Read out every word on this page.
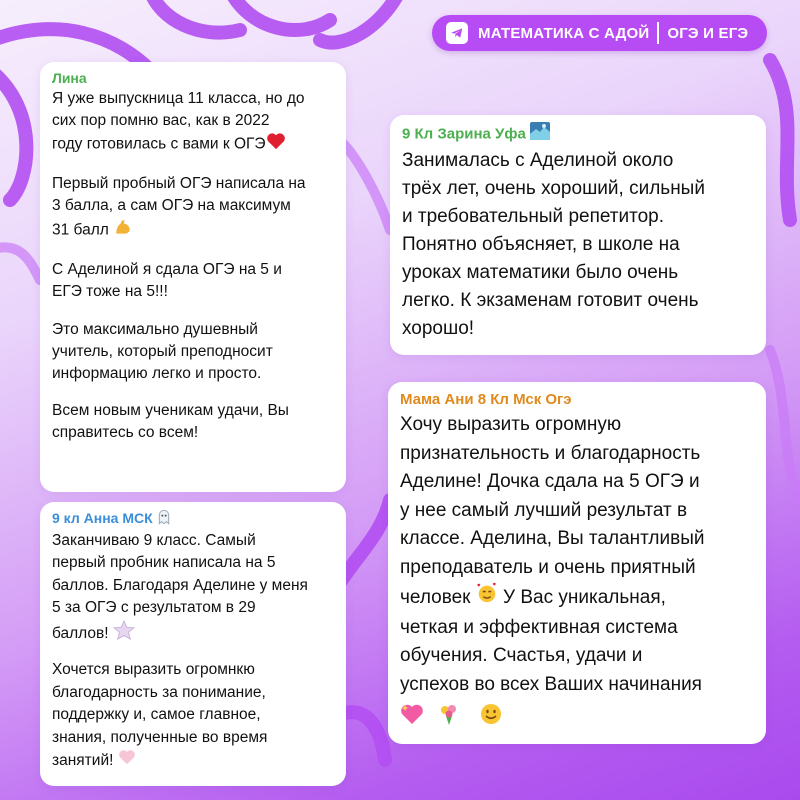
МАТЕМАТИКА С АДОЙ ОГЭ И ЕГЭ
Лина
Я уже выпускница 11 класса, но до
сих пор помню вас, как в 2022
году готовилась с вами к ОГЭ
Первый пробный ОГЭ написала на
3 балла, а сам ОГЭ на максимум
31 балл
С Аделиной я сдала ОГЭ на 5 и
ЕГЭ тоже на 5!!!
Это максимально душевный
учитель, который преподносит
информацию легко и просто.
Всем новым ученикам удачи, Вы
справитесь со всем!
9 кл Анна МСК
Заканчиваю 9 класс. Самый
первый пробник написала на 5
баллов. Благодаря Аделине у меня
5 за ОГЭ с результатом в 29
баллов!
Хочется выразить огромнкю
благодарность за понимание,
поддержку и, самое главное,
знания, полученные во время
занятий!
9 Кл Зарина Уфа
Занималась с Аделиной около
трёх лет, очень хороший, сильный
и требовательный репетитор.
Понятно объясняет, в школе на
уроках математики было очень
легко. К экзаменам готовит очень
хорошо!
Мама Ани 8 Кл Мск Огэ
Хочу выразить огромную
признательность и благодарность
Аделине! Дочка сдала на 5 ОГЭ и
у нее самый лучший результат в
классе. Аделина, Вы талантливый
преподаватель и очень приятный
человек У Вас уникальная,
четкая и эффективная система
обучения. Счастья, удачи и
успехов во всех Ваших начинания
